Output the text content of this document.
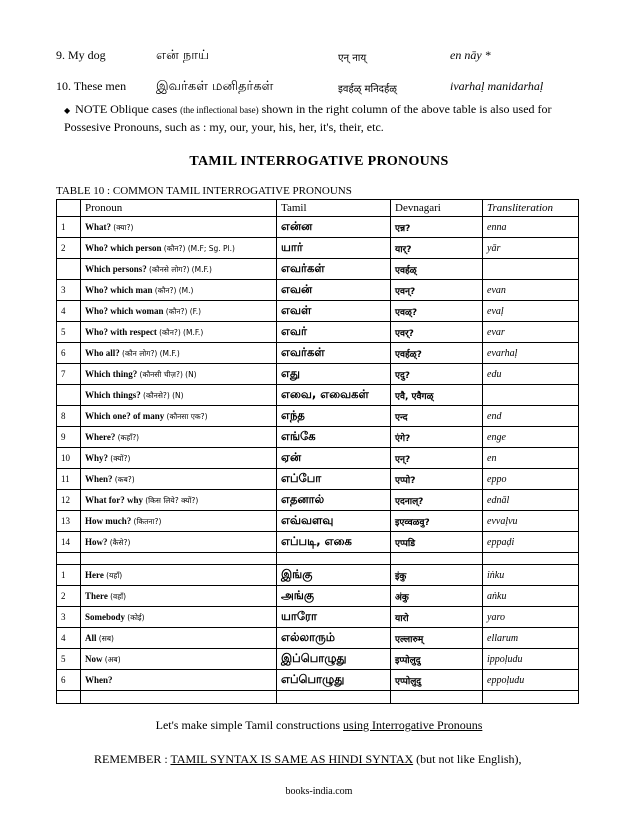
9. My dog	என் நாய்	एन् नाय्	en nāy *
10. These men இவர்கள் மனிதர்கள்	इवर्हळ् मनिदर्हळ्	ivarhaḷ manidarhaḷ
◆ NOTE Oblique cases (the inflectional base) shown in the right column of the above table is also used for Possesive Pronouns, such as : my, our, your, his, her, it's, their, etc.
TAMIL INTERROGATIVE PRONOUNS
TABLE 10 : COMMON TAMIL INTERROGATIVE PRONOUNS
	Pronoun	Tamil	Devnagari	Transliteration
1	What? (क्या?)	என்ன	एन्न?	enna
2	Who? which person (कौन?) (M.F; Sg. Pl.)	யார்	यार्?	yār
	Which persons? (कौनसे लोग?) (M.F.)	எவர்கள்	एवर्हळ्	
3	Who? which man (कौन?) (M.)	எவன்	एवन्?	evan
4	Who? which woman (कौन?) (F.)	எவள்	एवळ्?	evaḷ
5	Who? with respect (कौन?) (M.F.)	எவர்	एवर्?	evar
6	Who all? (कौन लोग?) (M.F.)	எவர்கள்	एवर्हळ्?	evarhaḷ
7	Which thing? (कौनसी चीज़?) (N)	எது	एदु?	edu
	Which things? (कौनसे?) (N)	எவை, எவைகள்	एवै, एवैगळ्	
8	Which one? of many (कौनसा एक?)	எந்த	एन्द	end
9	Where? (कहाँ?)	எங்கே	एंगे?	enge
10	Why? (क्यों?)	ஏன்	एन्?	en
11	When? (कब?)	எப்போ	एप्पो?	eppo
12	What for? why (किस लिये? क्यों?)	எதனால்	एदनाल्?	ednāl
13	How much? (कितना?)	எவ்வளவு	इएव्वळवु?	evvaḷvu
14	How? (कैसे?)	எப்படி, எகை	एप्पडि	eppaḍi

1	Here (यहाँ)	இங்கு	इंकु	iṅku
2	There (वहाँ)	அங்கு	अंकु	aṅku
3	Somebody (कोई)	யாரோ	यारो	yaro
4	All (सब)	எல்லாரும்	एल्लारुम्	ellarum
5	Now (अब)	இப்பொழுது	इप्पोलुदु	ippoḷudu
6	When?	எப்பொழுது	एप्पोलुदु	eppoḷudu

Let's make simple Tamil constructions using Interrogative Pronouns
REMEMBER : TAMIL SYNTAX IS SAME AS HINDI SYNTAX (but not like English),
books-india.com
